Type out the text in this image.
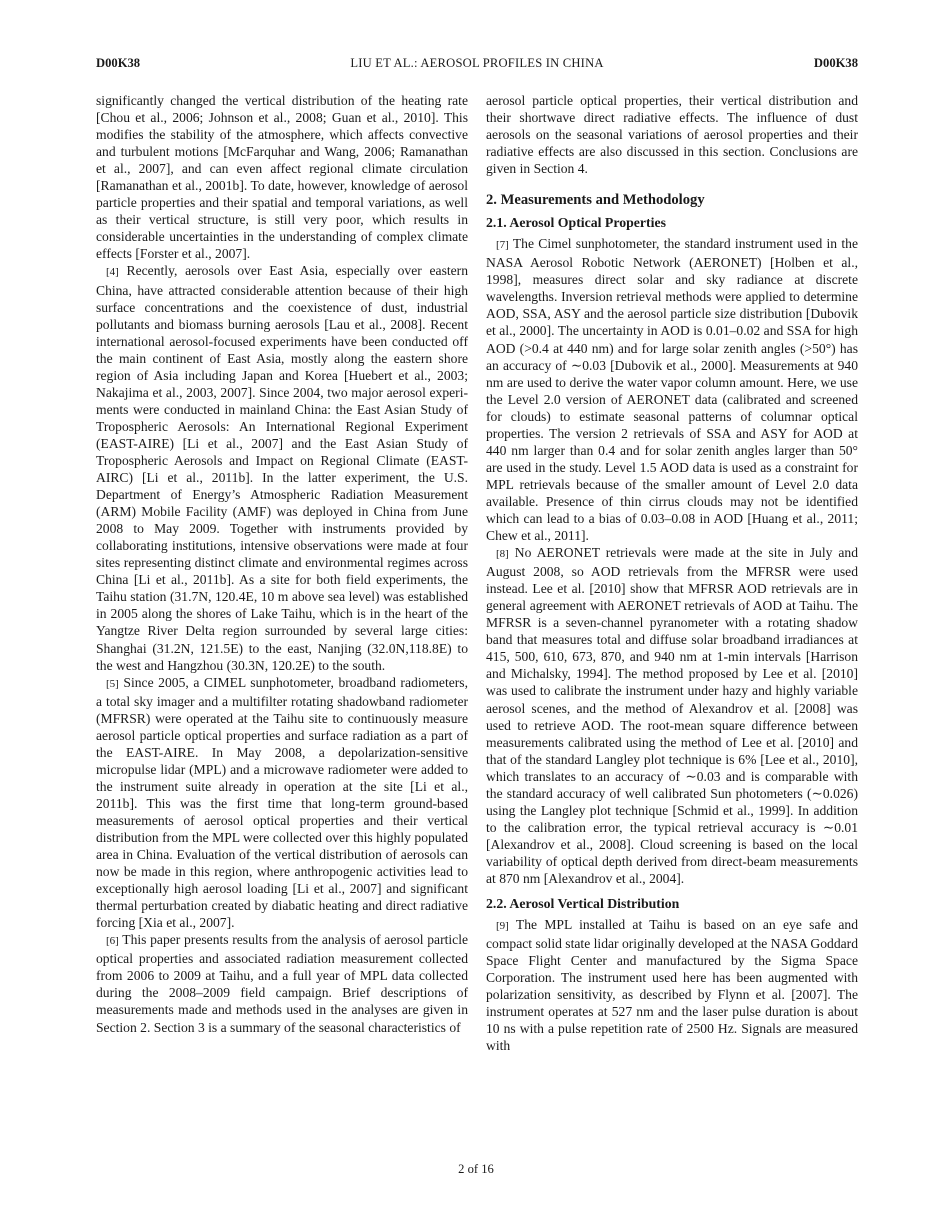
D00K38	LIU ET AL.: AEROSOL PROFILES IN CHINA	D00K38

significantly changed the vertical distribution of the heating rate [Chou et al., 2006; Johnson et al., 2008; Guan et al., 2010]. This modifies the stability of the atmosphere, which affects convective and turbulent motions [McFarquhar and Wang, 2006; Ramanathan et al., 2007], and can even affect regional climate circulation [Ramanathan et al., 2001b]. To date, however, knowledge of aerosol particle properties and their spatial and temporal variations, as well as their vertical structure, is still very poor, which results in considerable uncertainties in the understanding of complex climate effects [Forster et al., 2007].

[4] Recently, aerosols over East Asia, especially over eastern China, have attracted considerable attention because of their high surface concentrations and the coexistence of dust, industrial pollutants and biomass burning aerosols [Lau et al., 2008]. Recent international aerosol-focused experiments have been conducted off the main continent of East Asia, mostly along the eastern shore region of Asia including Japan and Korea [Huebert et al., 2003; Nakajima et al., 2003, 2007]. Since 2004, two major aerosol experiments were conducted in mainland China: the East Asian Study of Tropospheric Aerosols: An International Regional Experiment (EAST-AIRE) [Li et al., 2007] and the East Asian Study of Tropospheric Aerosols and Impact on Regional Climate (EAST-AIRC) [Li et al., 2011b]. In the latter experiment, the U.S. Department of Energy’s Atmospheric Radiation Measurement (ARM) Mobile Facility (AMF) was deployed in China from June 2008 to May 2009. Together with instruments provided by collaborating institutions, intensive observations were made at four sites representing distinct climate and environmental regimes across China [Li et al., 2011b]. As a site for both field experiments, the Taihu station (31.7N, 120.4E, 10 m above sea level) was established in 2005 along the shores of Lake Taihu, which is in the heart of the Yangtze River Delta region surrounded by several large cities: Shanghai (31.2N, 121.5E) to the east, Nanjing (32.0N,118.8E) to the west and Hangzhou (30.3N, 120.2E) to the south.

[5] Since 2005, a CIMEL sunphotometer, broadband radiometers, a total sky imager and a multifilter rotating shadowband radiometer (MFRSR) were operated at the Taihu site to continuously measure aerosol particle optical properties and surface radiation as a part of the EAST-AIRE. In May 2008, a depolarization-sensitive micropulse lidar (MPL) and a microwave radiometer were added to the instrument suite already in operation at the site [Li et al., 2011b]. This was the first time that long-term ground-based measurements of aerosol optical properties and their vertical distribution from the MPL were collected over this highly populated area in China. Evaluation of the vertical distribution of aerosols can now be made in this region, where anthropogenic activities lead to exceptionally high aerosol loading [Li et al., 2007] and significant thermal perturbation created by diabatic heating and direct radiative forcing [Xia et al., 2007].

[6] This paper presents results from the analysis of aerosol particle optical properties and associated radiation measurement collected from 2006 to 2009 at Taihu, and a full year of MPL data collected during the 2008–2009 field campaign. Brief descriptions of measurements made and methods used in the analyses are given in Section 2. Section 3 is a summary of the seasonal characteristics of

aerosol particle optical properties, their vertical distribution and their shortwave direct radiative effects. The influence of dust aerosols on the seasonal variations of aerosol properties and their radiative effects are also discussed in this section. Conclusions are given in Section 4.

2. Measurements and Methodology
2.1. Aerosol Optical Properties

[7] The Cimel sunphotometer, the standard instrument used in the NASA Aerosol Robotic Network (AERONET) [Holben et al., 1998], measures direct solar and sky radiance at discrete wavelengths. Inversion retrieval methods were applied to determine AOD, SSA, ASY and the aerosol particle size distribution [Dubovik et al., 2000]. The uncertainty in AOD is 0.01–0.02 and SSA for high AOD (>0.4 at 440 nm) and for large solar zenith angles (>50°) has an accuracy of ∼0.03 [Dubovik et al., 2000]. Measurements at 940 nm are used to derive the water vapor column amount. Here, we use the Level 2.0 version of AERONET data (calibrated and screened for clouds) to estimate seasonal patterns of columnar optical properties. The version 2 retrievals of SSA and ASY for AOD at 440 nm larger than 0.4 and for solar zenith angles larger than 50° are used in the study. Level 1.5 AOD data is used as a constraint for MPL retrievals because of the smaller amount of Level 2.0 data available. Presence of thin cirrus clouds may not be identified which can lead to a bias of 0.03–0.08 in AOD [Huang et al., 2011; Chew et al., 2011].

[8] No AERONET retrievals were made at the site in July and August 2008, so AOD retrievals from the MFRSR were used instead. Lee et al. [2010] show that MFRSR AOD retrievals are in general agreement with AERONET retrievals of AOD at Taihu. The MFRSR is a seven-channel pyranometer with a rotating shadow band that measures total and diffuse solar broadband irradiances at 415, 500, 610, 673, 870, and 940 nm at 1-min intervals [Harrison and Michalsky, 1994]. The method proposed by Lee et al. [2010] was used to calibrate the instrument under hazy and highly variable aerosol scenes, and the method of Alexandrov et al. [2008] was used to retrieve AOD. The root-mean square difference between measurements calibrated using the method of Lee et al. [2010] and that of the standard Langley plot technique is 6% [Lee et al., 2010], which translates to an accuracy of ∼0.03 and is comparable with the standard accuracy of well calibrated Sun photometers (∼0.026) using the Langley plot technique [Schmid et al., 1999]. In addition to the calibration error, the typical retrieval accuracy is ∼0.01 [Alexandrov et al., 2008]. Cloud screening is based on the local variability of optical depth derived from direct-beam measurements at 870 nm [Alexandrov et al., 2004].

2.2. Aerosol Vertical Distribution

[9] The MPL installed at Taihu is based on an eye safe and compact solid state lidar originally developed at the NASA Goddard Space Flight Center and manufactured by the Sigma Space Corporation. The instrument used here has been augmented with polarization sensitivity, as described by Flynn et al. [2007]. The instrument operates at 527 nm and the laser pulse duration is about 10 ns with a pulse repetition rate of 2500 Hz. Signals are measured with

2 of 16
